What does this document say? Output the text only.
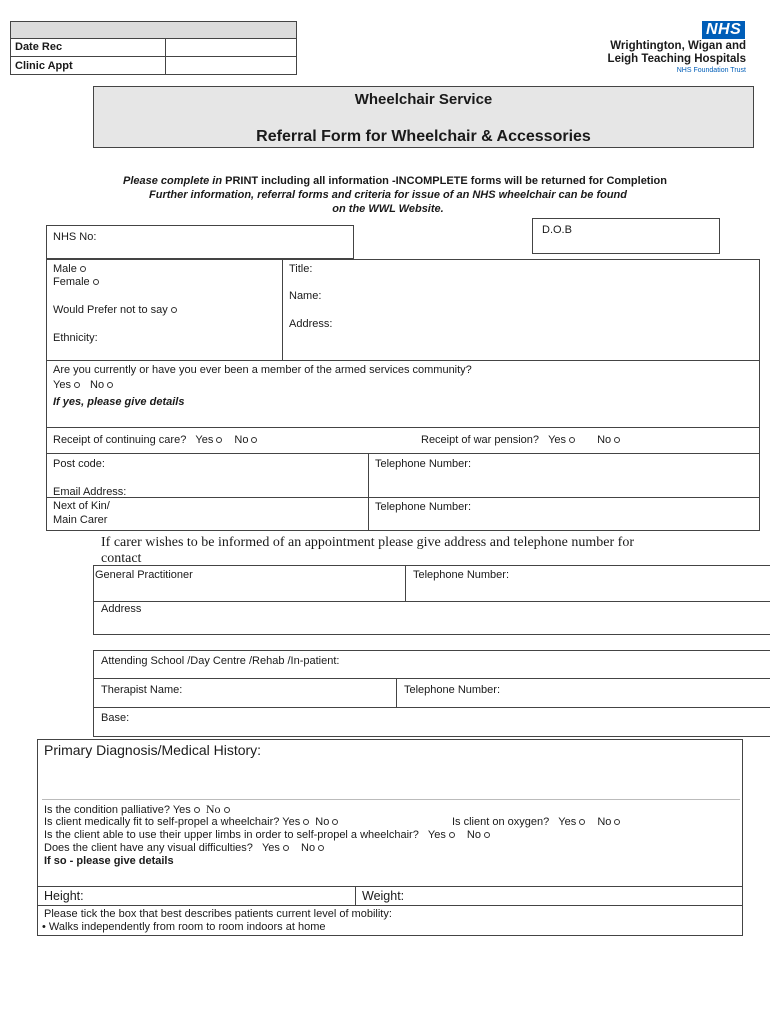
Date Rec
Clinic Appt
NHS
Wrightington, Wigan and
Leigh Teaching Hospitals
NHS Foundation Trust
Wheelchair Service
Referral Form for Wheelchair & Accessories
Please complete in PRINT including all information -INCOMPLETE forms will be returned for Completion
Further information, referral forms and criteria for issue of an NHS wheelchair can be found
on the WWL Website.
NHS No:
D.O.B
Male
Female
Would Prefer not to say
Ethnicity:
Title:
Name:
Address:
Are you currently or have you ever been a member of the armed services community?
Yes No
If yes, please give details
Receipt of continuing care? Yes No	Receipt of war pension? Yes	No
Post code:
Email Address:
Telephone Number:
Next of Kin/
Main Carer
Telephone Number:
If carer wishes to be informed of an appointment please give address and telephone number for
contact
General Practitioner	Telephone Number:
Address
Attending School /Day Centre /Rehab /In-patient:
Therapist Name:	Telephone Number:
Base:
Primary Diagnosis/Medical History:
Is the condition palliative? Yes No
Is client medically fit to self-propel a wheelchair? Yes No	Is client on oxygen? Yes No
Is the client able to use their upper limbs in order to self-propel a wheelchair? Yes No
Does the client have any visual difficulties? Yes No
If so - please give details
Height:	Weight:
Please tick the box that best describes patients current level of mobility:
• Walks independently from room to room indoors at home
